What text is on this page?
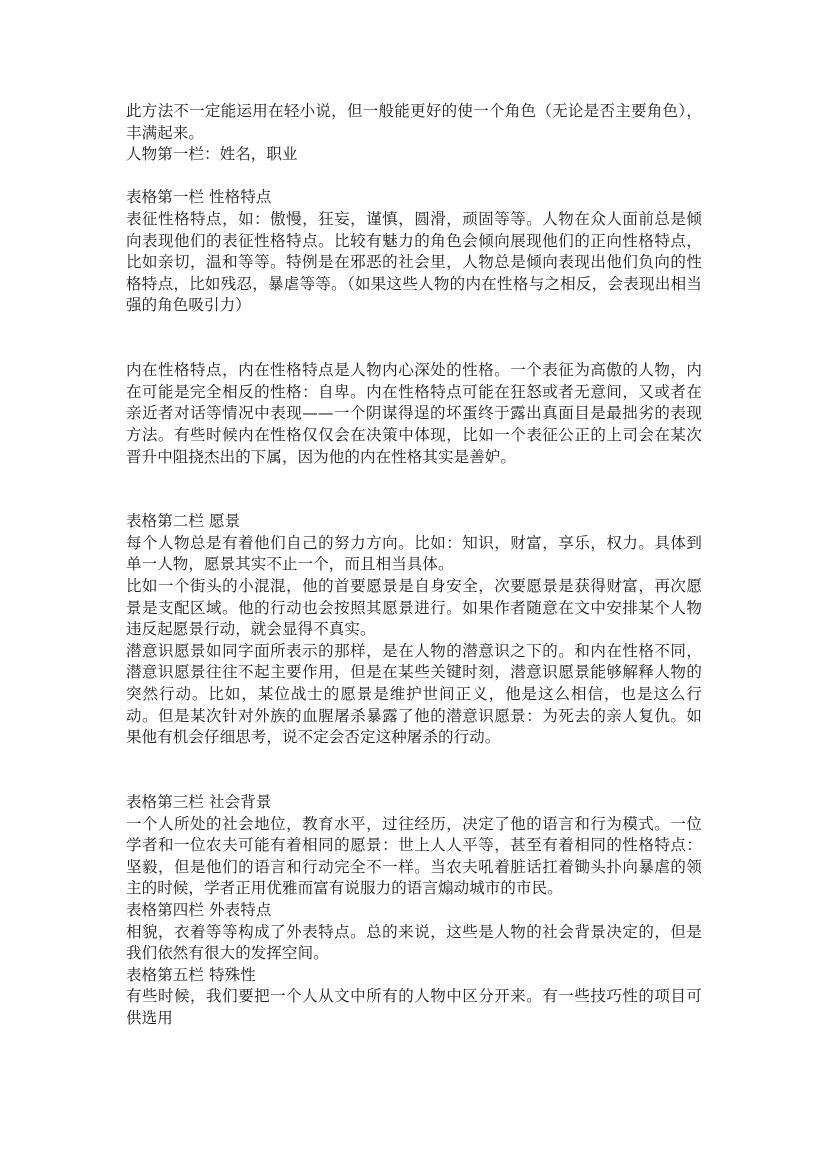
此方法不一定能运用在轻小说，但一般能更好的使一个角色（无论是否主要角色），丰满起来。

人物第一栏：姓名，职业

表格第一栏 性格特点

表征性格特点，如：傲慢，狂妄，谨慎，圆滑，顽固等等。人物在众人面前总是倾向表现他们的表征性格特点。比较有魅力的角色会倾向展现他们的正向性格特点，比如亲切，温和等等。特例是在邪恶的社会里，人物总是倾向表现出他们负向的性格特点，比如残忍，暴虐等等。（如果这些人物的内在性格与之相反，会表现出相当强的角色吸引力）

内在性格特点，内在性格特点是人物内心深处的性格。一个表征为高傲的人物，内在可能是完全相反的性格：自卑。内在性格特点可能在狂怒或者无意间，又或者在亲近者对话等情况中表现——一个阴谋得逞的坏蛋终于露出真面目是最拙劣的表现方法。有些时候内在性格仅仅会在决策中体现，比如一个表征公正的上司会在某次晋升中阻挠杰出的下属，因为他的内在性格其实是善妒。

表格第二栏 愿景

每个人物总是有着他们自己的努力方向。比如：知识，财富，享乐，权力。具体到单一人物，愿景其实不止一个，而且相当具体。

比如一个街头的小混混，他的首要愿景是自身安全，次要愿景是获得财富，再次愿景是支配区域。他的行动也会按照其愿景进行。如果作者随意在文中安排某个人物违反起愿景行动，就会显得不真实。

潜意识愿景如同字面所表示的那样，是在人物的潜意识之下的。和内在性格不同，潜意识愿景往往不起主要作用，但是在某些关键时刻，潜意识愿景能够解释人物的突然行动。比如，某位战士的愿景是维护世间正义，他是这么相信，也是这么行动。但是某次针对外族的血腥屠杀暴露了他的潜意识愿景：为死去的亲人复仇。如果他有机会仔细思考，说不定会否定这种屠杀的行动。

表格第三栏 社会背景

一个人所处的社会地位，教育水平，过往经历，决定了他的语言和行为模式。一位学者和一位农夫可能有着相同的愿景：世上人人平等，甚至有着相同的性格特点：坚毅，但是他们的语言和行动完全不一样。当农夫吼着脏话扛着锄头扑向暴虐的领主的时候，学者正用优雅而富有说服力的语言煽动城市的市民。

表格第四栏 外表特点

相貌，衣着等等构成了外表特点。总的来说，这些是人物的社会背景决定的，但是我们依然有很大的发挥空间。

表格第五栏 特殊性

有些时候，我们要把一个人从文中所有的人物中区分开来。有一些技巧性的项目可供选用
